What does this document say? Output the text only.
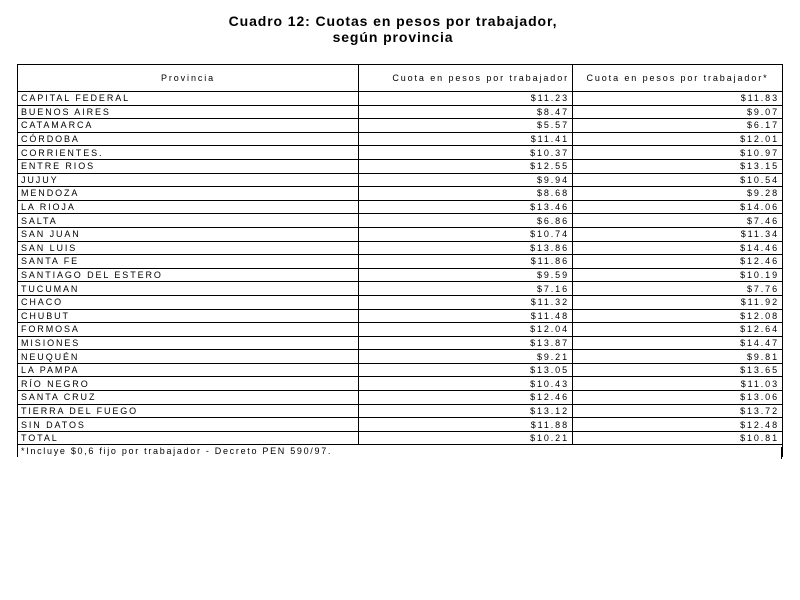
Cuadro 12: Cuotas en pesos por trabajador,
según provincia
Provincia	Cuota en pesos por trabajador	Cuota en pesos por trabajador*
CAPITAL FEDERAL	$11.23	$11.83
BUENOS AIRES	$8.47	$9.07
CATAMARCA	$5.57	$6.17
CÓRDOBA	$11.41	$12.01
CORRIENTES.	$10.37	$10.97
ENTRE RIOS	$12.55	$13.15
JUJUY	$9.94	$10.54
MENDOZA	$8.68	$9.28
LA RIOJA	$13.46	$14.06
SALTA	$6.86	$7.46
SAN JUAN	$10.74	$11.34
SAN LUIS	$13.86	$14.46
SANTA FE	$11.86	$12.46
SANTIAGO DEL ESTERO	$9.59	$10.19
TUCUMAN	$7.16	$7.76
CHACO	$11.32	$11.92
CHUBUT	$11.48	$12.08
FORMOSA	$12.04	$12.64
MISIONES	$13.87	$14.47
NEUQUÉN	$9.21	$9.81
LA PAMPA	$13.05	$13.65
RÍO NEGRO	$10.43	$11.03
SANTA CRUZ	$12.46	$13.06
TIERRA DEL FUEGO	$13.12	$13.72
SIN DATOS	$11.88	$12.48
TOTAL	$10.21	$10.81
*Incluye $0,6 fijo por trabajador - Decreto PEN 590/97.		
